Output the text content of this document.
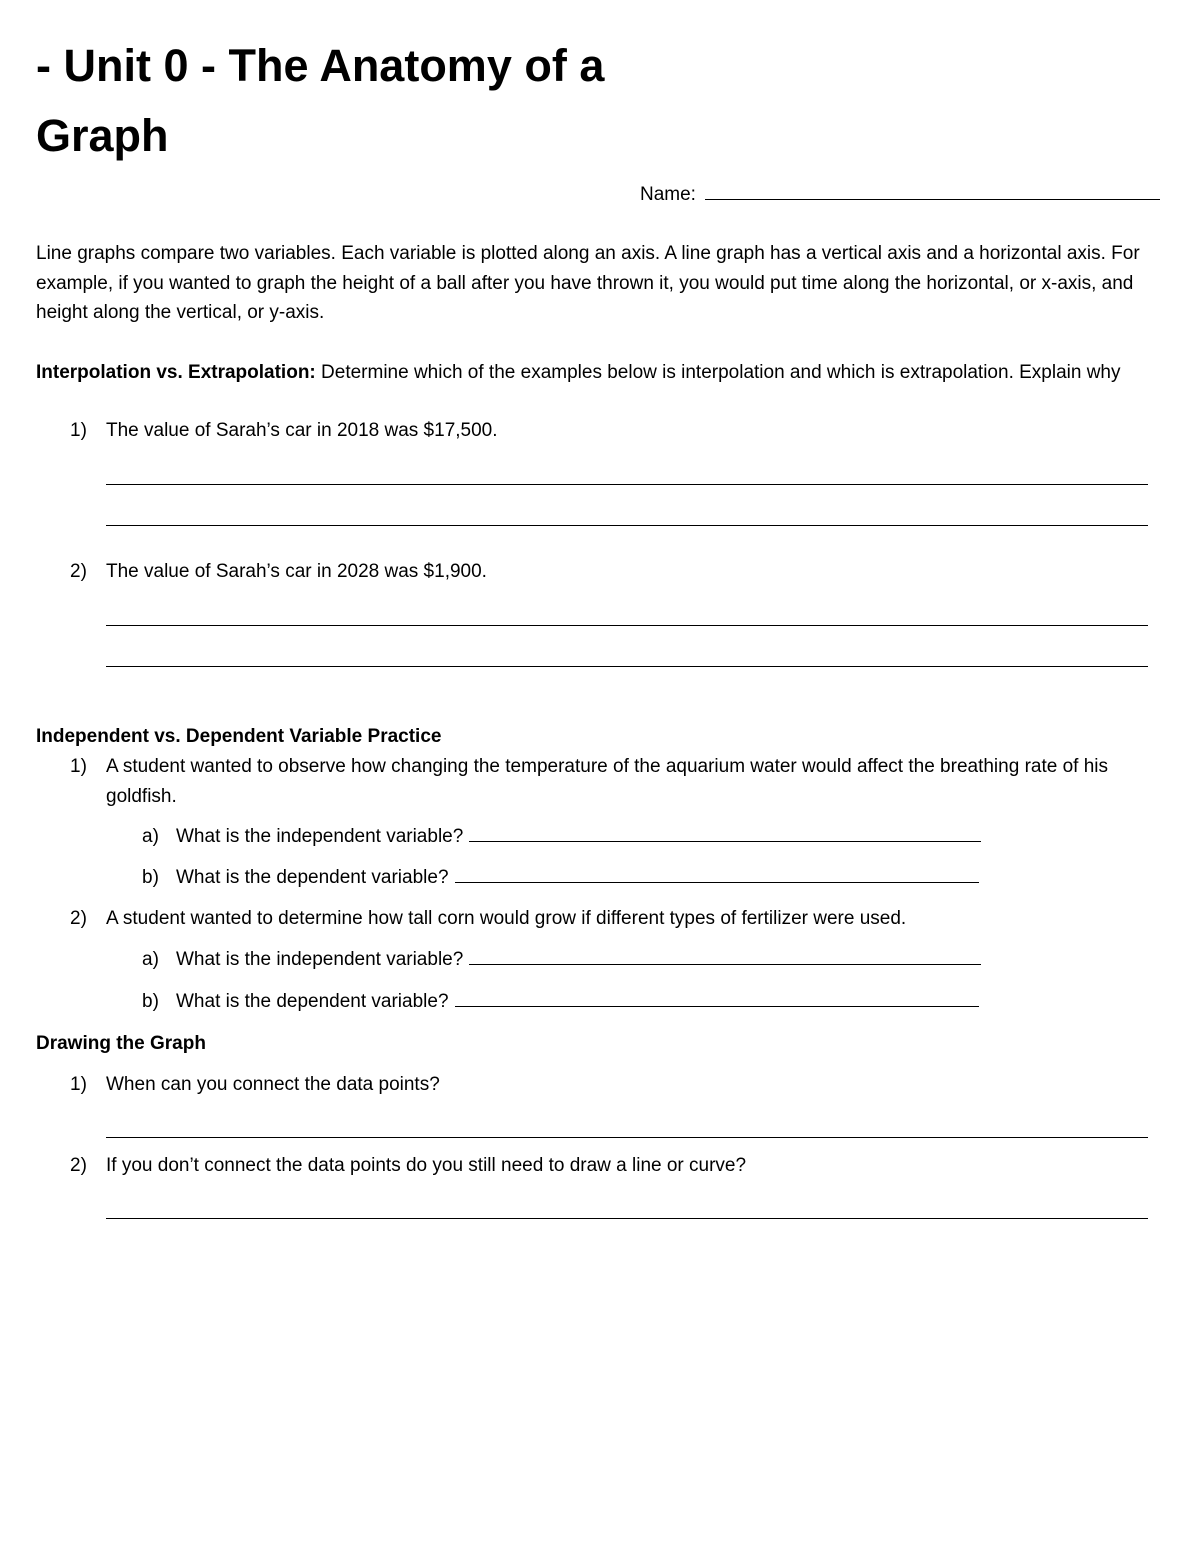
- Unit 0 - The Anatomy of a
Graph
Name:
Line graphs compare two variables. Each variable is plotted along an axis. A line graph has a vertical axis and a horizontal axis. For example, if you wanted to graph the height of a ball after you have thrown it, you would put time along the horizontal, or x-axis, and height along the vertical, or y-axis.
Interpolation vs. Extrapolation: Determine which of the examples below is interpolation and which is extrapolation. Explain why
1) The value of Sarah’s car in 2018 was $17,500.
2) The value of Sarah’s car in 2028 was $1,900.
Independent vs. Dependent Variable Practice
1) A student wanted to observe how changing the temperature of the aquarium water would affect the breathing rate of his goldfish.
a) What is the independent variable?
b) What is the dependent variable?
2) A student wanted to determine how tall corn would grow if different types of fertilizer were used.
a) What is the independent variable?
b) What is the dependent variable?
Drawing the Graph
1) When can you connect the data points?
2) If you don’t connect the data points do you still need to draw a line or curve?
